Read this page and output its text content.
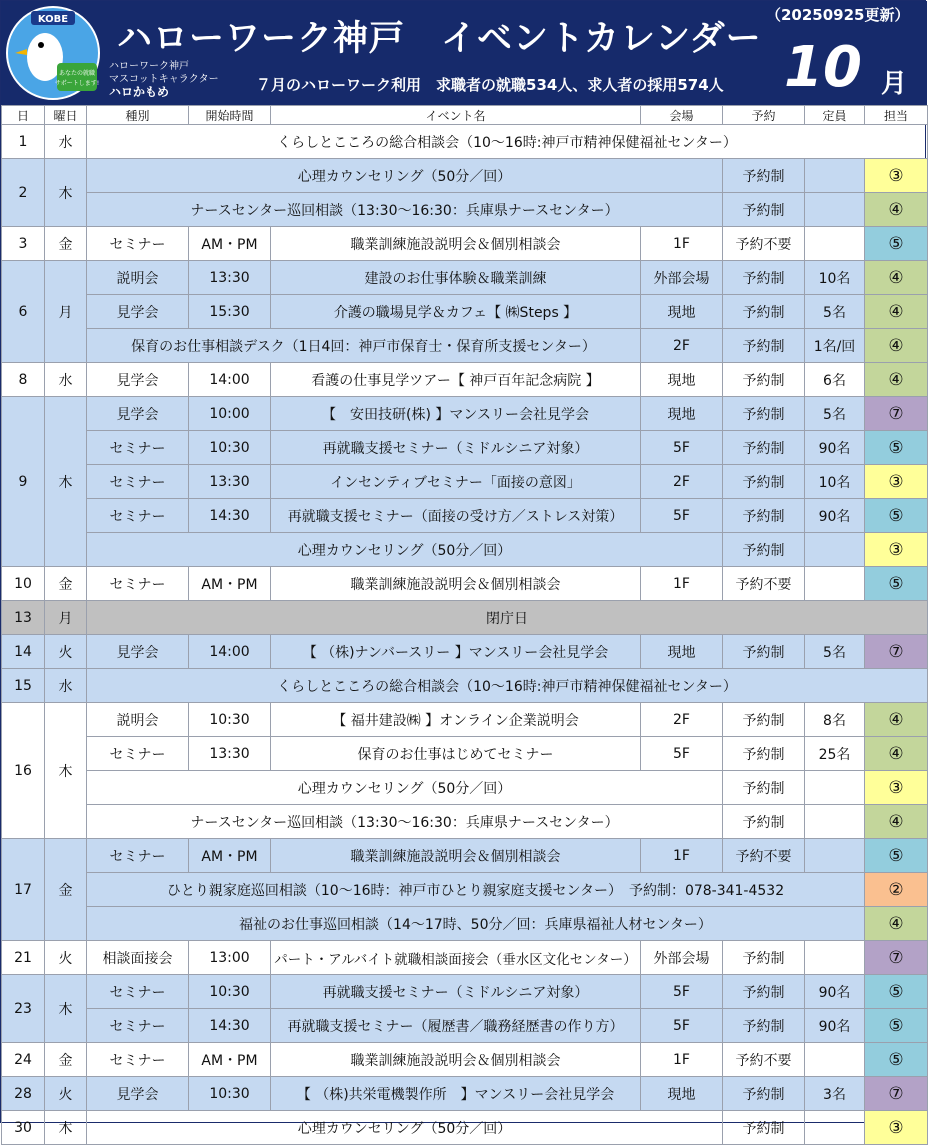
KOBE
あなたの就職
サポートします!
ハローワーク神戸　イベントカレンダー
（20250925更新）
10 月
ハローワーク神戸
マスコットキャラクター
ハロかもめ	７月のハローワーク利用　求職者の就職534人、求人者の採用574人
日	曜日	種別	開始時間	イベント名	会場	予約	定員	担当
1	水	くらしとこころの総合相談会（10～16時:神戸市精神保健福祉センター）						
2	木	心理カウンセリング（50分／回）				予約制		③
		ナースセンター巡回相談（13:30～16:30：兵庫県ナースセンター）				予約制		④
3	金	セミナー	AM・PM	職業訓練施設説明会＆個別相談会	1F	予約不要		⑤
6	月	説明会	13:30	建設のお仕事体験＆職業訓練	外部会場	予約制	10名	④
		見学会	15:30	介護の職場見学＆カフェ【 ㈱Steps 】	現地	予約制	5名	④
		保育のお仕事相談デスク（1日4回：神戸市保育士・保育所支援センター）			2F	予約制	1名/回	④
8	水	見学会	14:00	看護の仕事見学ツアー【 神戸百年記念病院 】	現地	予約制	6名	④
9	木	見学会	10:00	【　安田技研(株) 】マンスリー会社見学会	現地	予約制	5名	⑦
		セミナー	10:30	再就職支援セミナー（ミドルシニア対象）	5F	予約制	90名	⑤
		セミナー	13:30	インセンティブセミナー「面接の意図」	2F	予約制	10名	③
		セミナー	14:30	再就職支援セミナー（面接の受け方／ストレス対策）	5F	予約制	90名	⑤
		心理カウンセリング（50分／回）				予約制		③
10	金	セミナー	AM・PM	職業訓練施設説明会＆個別相談会	1F	予約不要		⑤
13	月	閉庁日						
14	火	見学会	14:00	【 （株)ナンバースリー 】マンスリー会社見学会	現地	予約制	5名	⑦
15	水	くらしとこころの総合相談会（10～16時:神戸市精神保健福祉センター）						
16	木	説明会	10:30	【 福井建設㈱ 】オンライン企業説明会	2F	予約制	8名	④
		セミナー	13:30	保育のお仕事はじめてセミナー	5F	予約制	25名	④
		心理カウンセリング（50分／回）				予約制		③
		ナースセンター巡回相談（13:30～16:30：兵庫県ナースセンター）				予約制		④
17	金	セミナー	AM・PM	職業訓練施設説明会＆個別相談会	1F	予約不要		⑤
		ひとり親家庭巡回相談（10～16時：神戸市ひとり親家庭支援センター）　予約制：078-341-4532						②
		福祉のお仕事巡回相談（14～17時、50分／回：兵庫県福祉人材センター）						④
21	火	相談面接会	13:00	パート・アルバイト就職相談面接会（垂水区文化センター）	外部会場	予約制		⑦
23	木	セミナー	10:30	再就職支援セミナー（ミドルシニア対象）	5F	予約制	90名	⑤
		セミナー	14:30	再就職支援セミナー（履歴書／職務経歴書の作り方）	5F	予約制	90名	⑤
24	金	セミナー	AM・PM	職業訓練施設説明会＆個別相談会	1F	予約不要		⑤
28	火	見学会	10:30	【 （株)共栄電機製作所　】マンスリー会社見学会	現地	予約制	3名	⑦
30	木	心理カウンセリング（50分／回）				予約制		③
